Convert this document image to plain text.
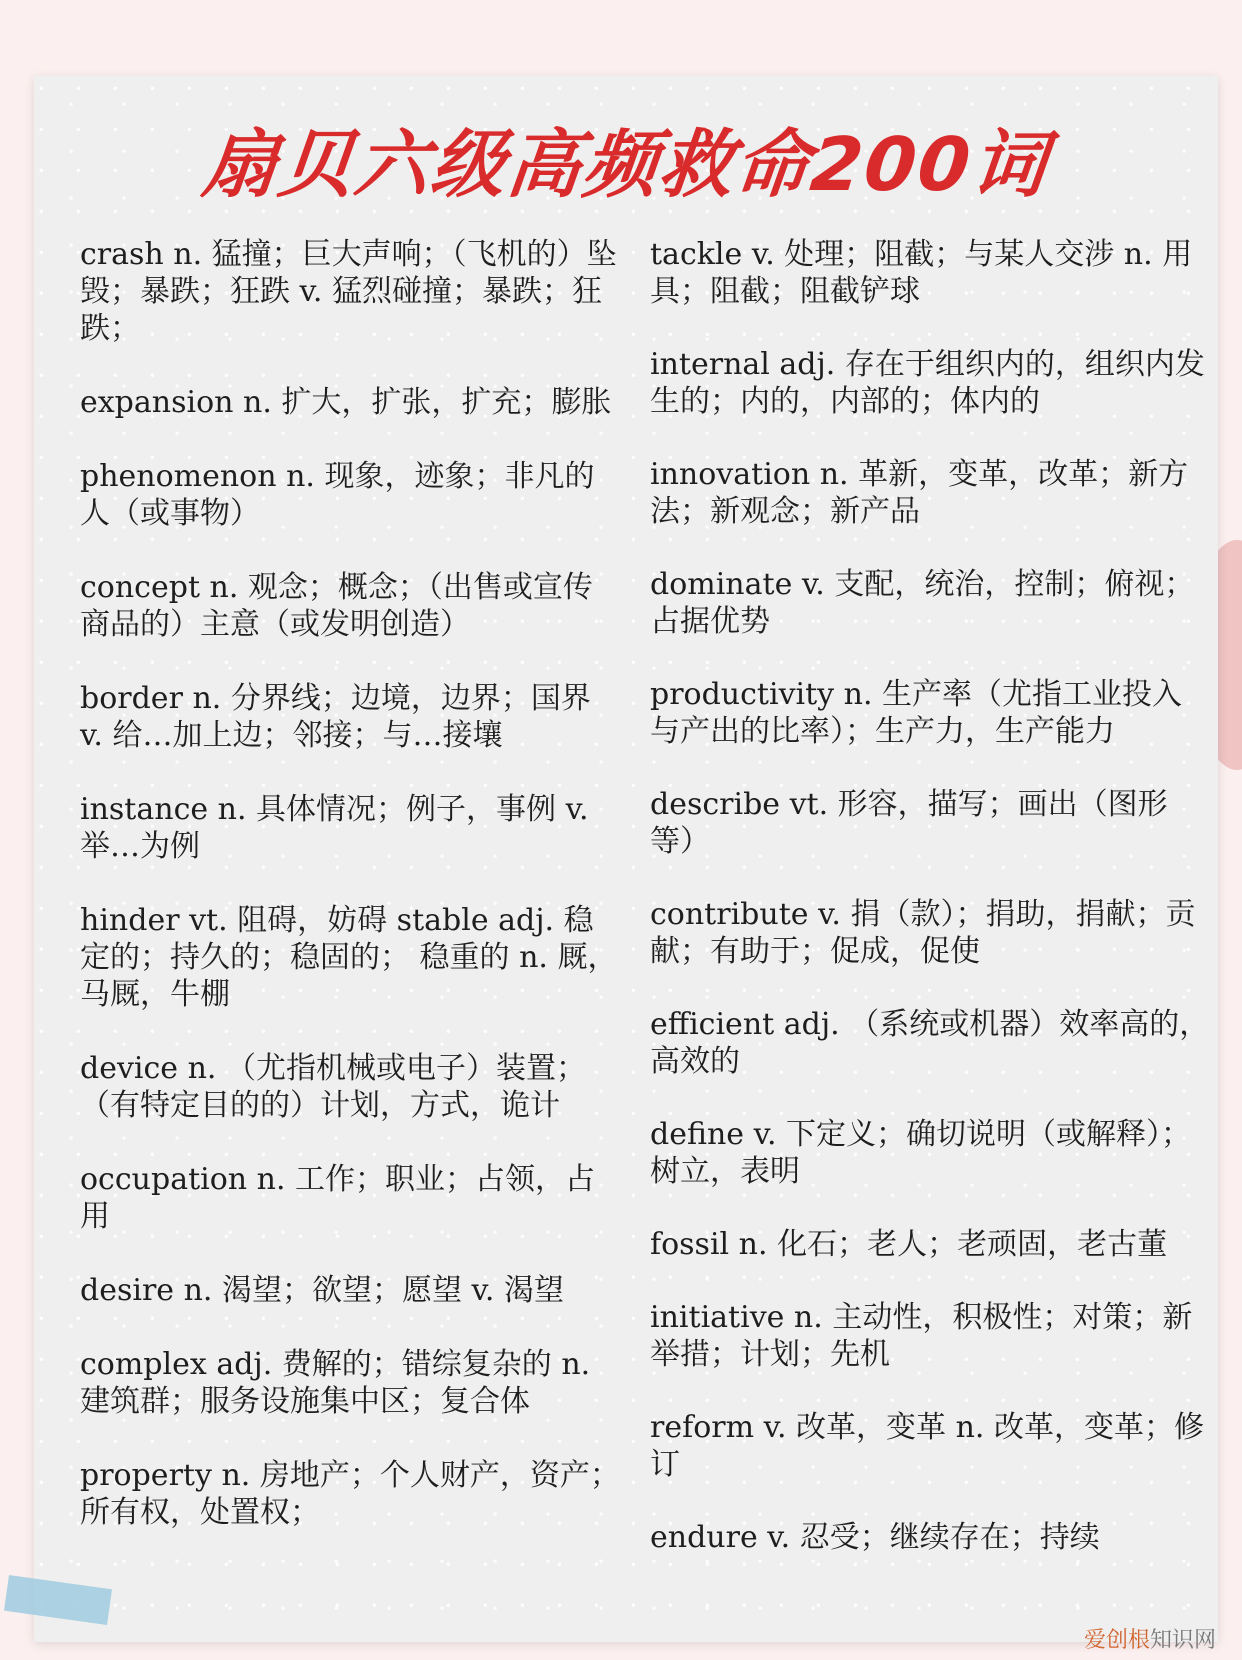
扇贝六级高频救命200词
crash n. 猛撞；巨大声响；（飞机的）坠毁；暴跌；狂跌 v. 猛烈碰撞；暴跌；狂跌；
expansion n. 扩大，扩张，扩充；膨胀
phenomenon n. 现象，迹象；非凡的人（或事物）
concept n. 观念；概念；（出售或宣传商品的）主意（或发明创造）
border n. 分界线；边境，边界；国界 v. 给…加上边；邻接；与…接壤
instance n. 具体情况；例子，事例 v. 举…为例
hinder vt. 阻碍，妨碍 stable adj. 稳定的；持久的；稳固的； 稳重的 n. 厩，马厩，牛棚
device n. （尤指机械或电子）装置；（有特定目的的）计划，方式，诡计
occupation n. 工作；职业；占领，占用
desire n. 渴望；欲望；愿望 v. 渴望
complex adj. 费解的；错综复杂的 n. 建筑群；服务设施集中区；复合体
property n. 房地产；个人财产，资产；所有权，处置权；
tackle v. 处理；阻截；与某人交涉 n. 用具；阻截；阻截铲球
internal adj. 存在于组织内的，组织内发生的；内的，内部的；体内的
innovation n. 革新，变革，改革；新方法；新观念；新产品
dominate v. 支配，统治，控制；俯视；占据优势
productivity n. 生产率（尤指工业投入与产出的比率）；生产力，生产能力
describe vt. 形容，描写；画出（图形等）
contribute v. 捐（款）；捐助，捐献；贡献；有助于；促成，促使
efficient adj. （系统或机器）效率高的，高效的
define v. 下定义；确切说明（或解释）；树立，表明
fossil n. 化石；老人；老顽固，老古董
initiative n. 主动性，积极性；对策；新举措；计划；先机
reform v. 改革，变革 n. 改革，变革；修订
endure v. 忍受；继续存在；持续
爱创根知识网
